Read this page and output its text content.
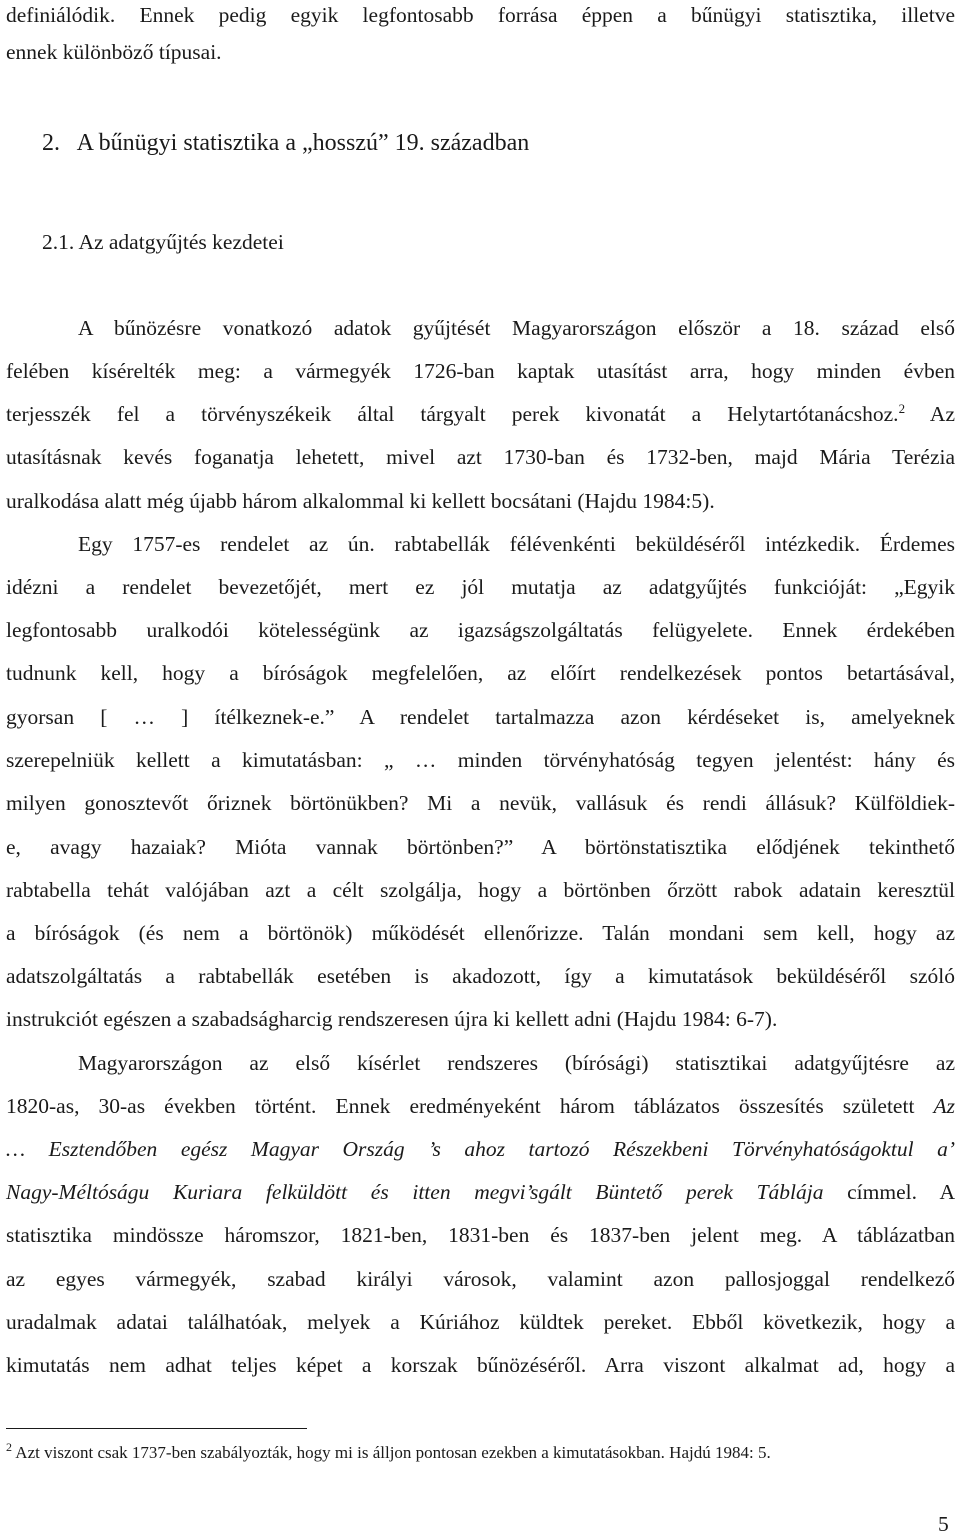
definiálódik. Ennek pedig egyik legfontosabb forrása éppen a bűnügyi statisztika, illetve
ennek különböző típusai.
2.   A bűnügyi statisztika a „hosszú” 19. században
2.1. Az adatgyűjtés kezdetei
A bűnözésre vonatkozó adatok gyűjtését Magyarországon először a 18. század első
felében kísérelték meg: a vármegyék 1726-ban kaptak utasítást arra, hogy minden évben
terjesszék fel a törvényszékeik által tárgyalt perek kivonatát a Helytartótanácshoz.$^2$ Az
utasításnak kevés foganatja lehetett, mivel azt 1730-ban és 1732-ben, majd Mária Terézia
uralkodása alatt még újabb három alkalommal ki kellett bocsátani (Hajdu 1984:5).
Egy 1757-es rendelet az ún. rabtabellák félévenkénti beküldéséről intézkedik. Érdemes
idézni a rendelet bevezetőjét, mert ez jól mutatja az adatgyűjtés funkcióját: „Egyik
legfontosabb uralkodói kötelességünk az igazságszolgáltatás felügyelete. Ennek érdekében
tudnunk kell, hogy a bíróságok megfelelően, az előírt rendelkezések pontos betartásával,
gyorsan [ … ] ítélkeznek-e.” A rendelet tartalmazza azon kérdéseket is, amelyeknek
szerepelniük kellett a kimutatásban: „ … minden törvényhatóság tegyen jelentést: hány és
milyen gonosztevőt őriznek börtönükben? Mi a nevük, vallásuk és rendi állásuk? Külföldiek-
e, avagy hazaiak? Mióta vannak börtönben?” A börtönstatisztika elődjének tekinthető
rabtabella tehát valójában azt a célt szolgálja, hogy a börtönben őrzött rabok adatain keresztül
a bíróságok (és nem a börtönök) működését ellenőrizze. Talán mondani sem kell, hogy az
adatszolgáltatás a rabtabellák esetében is akadozott, így a kimutatások beküldéséről szóló
instrukciót egészen a szabadságharcig rendszeresen újra ki kellett adni (Hajdu 1984: 6-7).
Magyarországon az első kísérlet rendszeres (bírósági) statisztikai adatgyűjtésre az
1820-as, 30-as években történt. Ennek eredményeként három táblázatos összesítés született Az
… Esztendőben egész Magyar Ország ’s ahoz tartozó Részekbeni Törvényhatóságoktul a’
Nagy-Méltóságu Kuriara felküldött és itten megvi’sgált Büntető perek Táblája címmel. A
statisztika mindössze háromszor, 1821-ben, 1831-ben és 1837-ben jelent meg. A táblázatban
az egyes vármegyék, szabad királyi városok, valamint azon pallosjoggal rendelkező
uradalmak adatai találhatóak, melyek a Kúriához küldtek pereket. Ebből következik, hogy a
kimutatás nem adhat teljes képet a korszak bűnözéséről. Arra viszont alkalmat ad, hogy a
$^2$ Azt viszont csak 1737-ben szabályozták, hogy mi is álljon pontosan ezekben a kimutatásokban. Hajdú 1984: 5.
5
